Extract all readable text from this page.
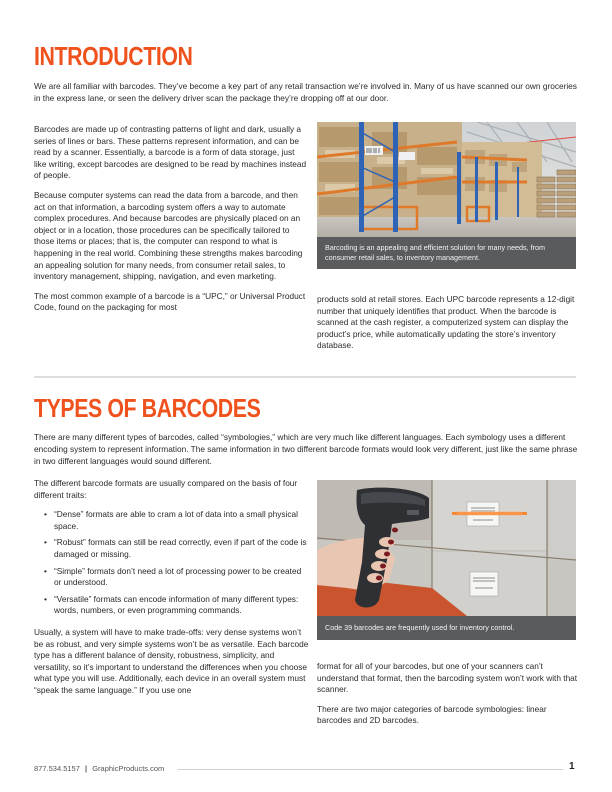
INTRODUCTION

We are all familiar with barcodes. They’ve become a key part of any retail transaction we’re involved in. Many of us have scanned our own groceries in the express lane, or seen the delivery driver scan the package they’re dropping off at our door.

Barcodes are made up of contrasting patterns of light and dark, usually a series of lines or bars. These patterns represent information, and can be read by a scanner. Essentially, a barcode is a form of data storage, just like writing, except barcodes are designed to be read by machines instead of people.

Because computer systems can read the data from a barcode, and then act on that information, a barcoding system offers a way to automate complex procedures. And because barcodes are physically placed on an object or in a location, those procedures can be specifically tailored to those items or places; that is, the computer can respond to what is happening in the real world. Combining these strengths makes barcoding an appealing solution for many needs, from consumer retail sales, to inventory management, shipping, navigation, and even marketing.

The most common example of a barcode is a “UPC,” or Universal Product Code, found on the packaging for most

Barcoding is an appealing and efficient solution for many needs, from consumer retail sales, to inventory management.

products sold at retail stores. Each UPC barcode represents a 12-digit number that uniquely identifies that product. When the barcode is scanned at the cash register, a computerized system can display the product’s price, while automatically updating the store’s inventory database.

TYPES OF BARCODES

There are many different types of barcodes, called “symbologies,” which are very much like different languages. Each symbology uses a different encoding system to represent information. The same information in two different barcode formats would look very different, just like the same phrase in two different languages would sound different.

The different barcode formats are usually compared on the basis of four different traits:

• “Dense” formats are able to cram a lot of data into a small physical space.
• “Robust” formats can still be read correctly, even if part of the code is damaged or missing.
• “Simple” formats don’t need a lot of processing power to be created or understood.
• “Versatile” formats can encode information of many different types: words, numbers, or even programming commands.

Usually, a system will have to make trade-offs: very dense systems won’t be as robust, and very simple systems won’t be as versatile. Each barcode type has a different balance of density, robustness, simplicity, and versatility, so it’s important to understand the differences when you choose what type you will use. Additionally, each device in an overall system must “speak the same language.” If you use one

Code 39 barcodes are frequently used for inventory control.

format for all of your barcodes, but one of your scanners can’t understand that format, then the barcoding system won’t work with that scanner.

There are two major categories of barcode symbologies: linear barcodes and 2D barcodes.

877.534.5157 | GraphicProducts.com	1
